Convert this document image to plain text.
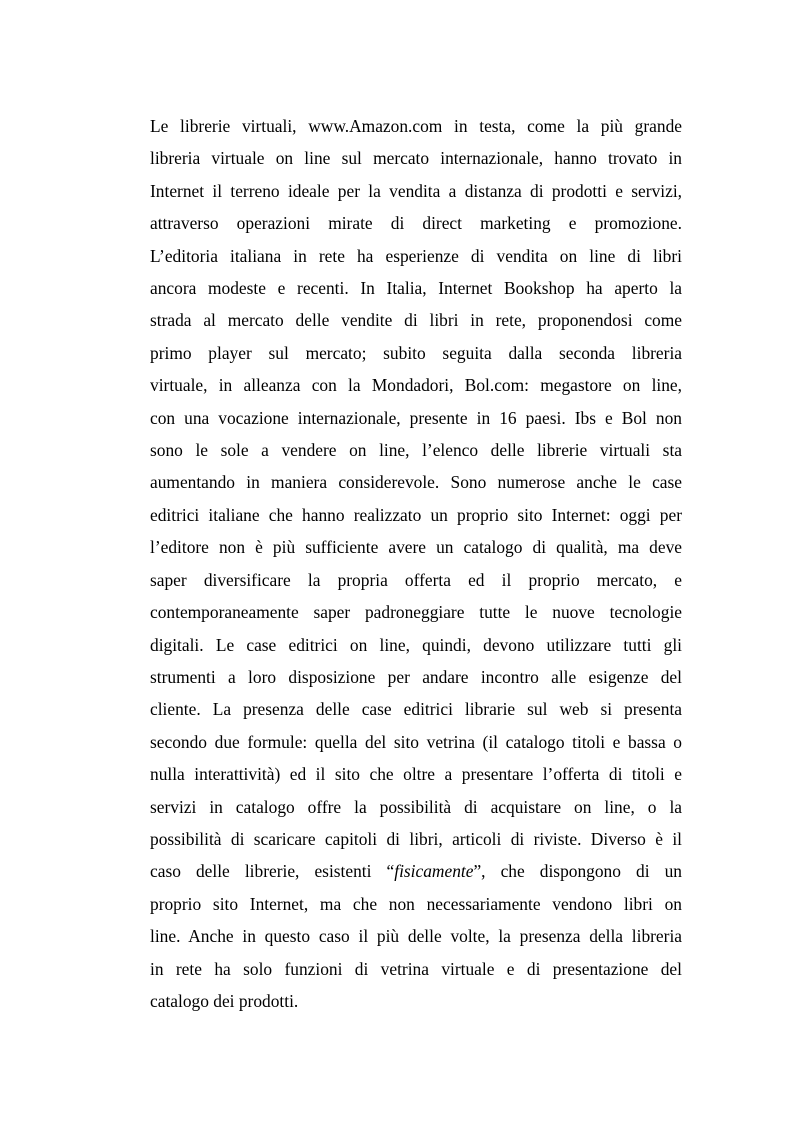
Le librerie virtuali, www.Amazon.com in testa, come la più grande
libreria virtuale on line sul mercato internazionale, hanno trovato in
Internet il terreno ideale per la vendita a distanza di prodotti e servizi,
attraverso operazioni mirate di direct marketing e promozione.
L’editoria italiana in rete ha esperienze di vendita on line di libri
ancora modeste e recenti. In Italia, Internet Bookshop ha aperto la
strada al mercato delle vendite di libri in rete, proponendosi come
primo player sul mercato; subito seguita dalla seconda libreria
virtuale, in alleanza con la Mondadori, Bol.com: megastore on line,
con una vocazione internazionale, presente in 16 paesi. Ibs e Bol non
sono le sole a vendere on line, l’elenco delle librerie virtuali sta
aumentando in maniera considerevole. Sono numerose anche le case
editrici italiane che hanno realizzato un proprio sito Internet: oggi per
l’editore non è più sufficiente avere un catalogo di qualità, ma deve
saper diversificare la propria offerta ed il proprio mercato, e
contemporaneamente saper padroneggiare tutte le nuove tecnologie
digitali. Le case editrici on line, quindi, devono utilizzare tutti gli
strumenti a loro disposizione per andare incontro alle esigenze del
cliente. La presenza delle case editrici librarie sul web si presenta
secondo due formule: quella del sito vetrina (il catalogo titoli e bassa o
nulla interattività) ed il sito che oltre a presentare l’offerta di titoli e
servizi in catalogo offre la possibilità di acquistare on line, o la
possibilità di scaricare capitoli di libri, articoli di riviste. Diverso è il
caso delle librerie, esistenti “fisicamente”, che dispongono di un
proprio sito Internet, ma che non necessariamente vendono libri on
line. Anche in questo caso il più delle volte, la presenza della libreria
in rete ha solo funzioni di vetrina virtuale e di presentazione del
catalogo dei prodotti.
